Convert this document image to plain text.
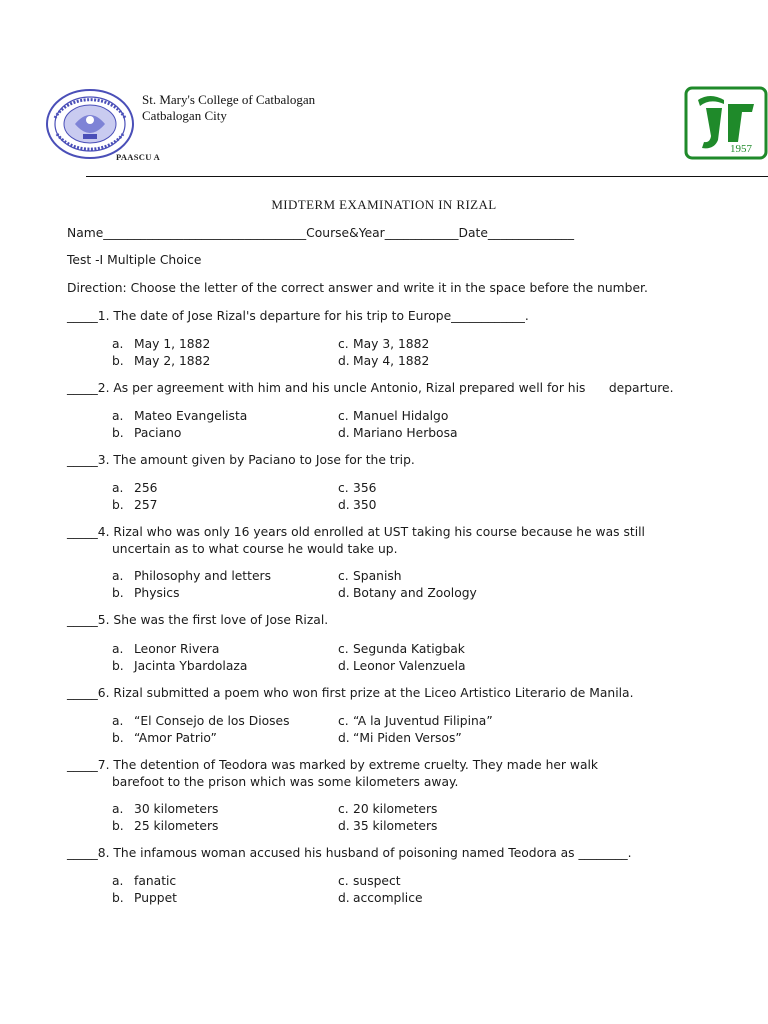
St. Mary's College of Catbalogan
Catbalogan City
PAASCU A
1957
MIDTERM EXAMINATION IN RIZAL
Name_________________________________Course&Year____________Date______________
Test -I Multiple Choice
Direction: Choose the letter of the correct answer and write it in the space before the number.
_____1. The date of Jose Rizal's departure for his trip to Europe____________.
a. May 1, 1882	c. May 3, 1882
b. May 2, 1882	d. May 4, 1882
_____2. As per agreement with him and his uncle Antonio, Rizal prepared well for his      departure.
a. Mateo Evangelista	c. Manuel Hidalgo
b. Paciano	d. Mariano Herbosa
_____3. The amount given by Paciano to Jose for the trip.
a. 256	c. 356
b. 257	d. 350
_____4. Rizal who was only 16 years old enrolled at UST taking his course because he was still
uncertain as to what course he would take up.
a. Philosophy and letters	c. Spanish
b. Physics	d. Botany and Zoology
_____5. She was the first love of Jose Rizal.
a. Leonor Rivera	c. Segunda Katigbak
b. Jacinta Ybardolaza	d. Leonor Valenzuela
_____6. Rizal submitted a poem who won first prize at the Liceo Artistico Literario de Manila.
a. “El Consejo de los Dioses	c. “A la Juventud Filipina”
b. “Amor Patrio”	d. “Mi Piden Versos”
_____7. The detention of Teodora was marked by extreme cruelty. They made her walk
barefoot to the prison which was some kilometers away.
a. 30 kilometers	c. 20 kilometers
b. 25 kilometers	d. 35 kilometers
_____8. The infamous woman accused his husband of poisoning named Teodora as ________.
a. fanatic	c. suspect
b. Puppet	d. accomplice
